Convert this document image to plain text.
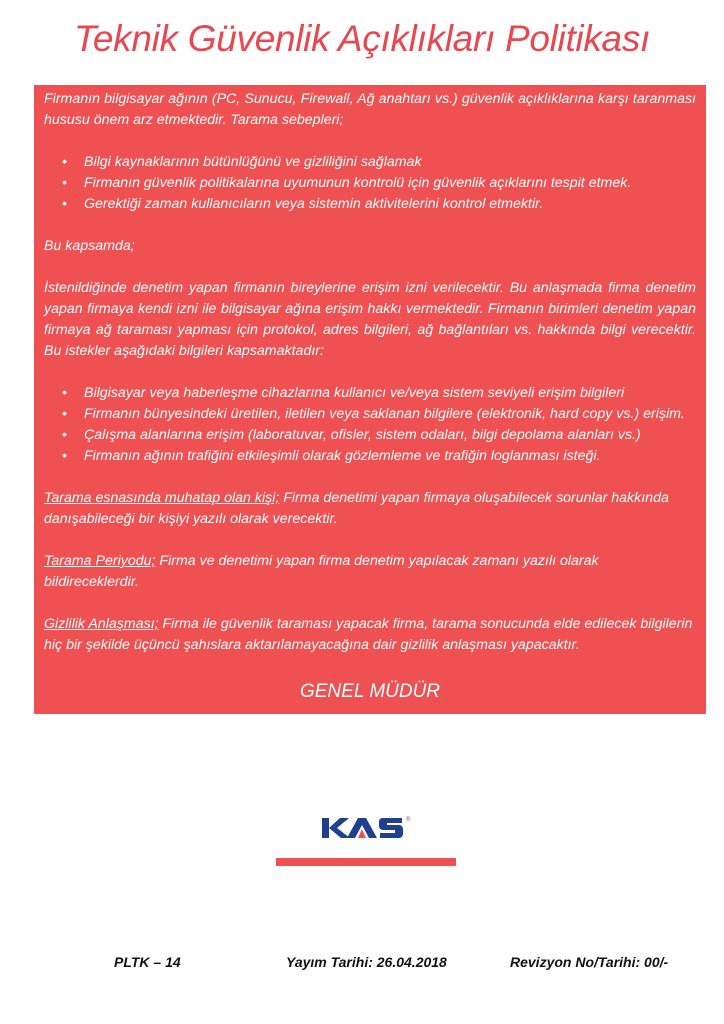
Teknik Güvenlik Açıklıkları Politikası

Firmanın bilgisayar ağının (PC, Sunucu, Firewall, Ağ anahtarı vs.) güvenlik açıklıklarına karşı taranması hususu önem arz etmektedir. Tarama sebepleri;

• Bilgi kaynaklarının bütünlüğünü ve gizliliğini sağlamak
• Firmanın güvenlik politikalarına uyumunun kontrolü için güvenlik açıklarını tespit etmek.
• Gerektiği zaman kullanıcıların veya sistemin aktivitelerini kontrol etmektir.

Bu kapsamda;

İstenildiğinde denetim yapan firmanın bireylerine erişim izni verilecektir. Bu anlaşmada firma denetim yapan firmaya kendi izni ile bilgisayar ağına erişim hakkı vermektedir. Firmanın birimleri denetim yapan firmaya ağ taraması yapması için protokol, adres bilgileri, ağ bağlantıları vs. hakkında bilgi verecektir. Bu istekler aşağıdaki bilgileri kapsamaktadır:

• Bilgisayar veya haberleşme cihazlarına kullanıcı ve/veya sistem seviyeli erişim bilgileri
• Firmanın bünyesindeki üretilen, iletilen veya saklanan bilgilere (elektronik, hard copy vs.) erişim.
• Çalışma alanlarına erişim (laboratuvar, ofisler, sistem odaları, bilgi depolama alanları vs.)
• Firmanın ağının trafiğini etkileşimli olarak gözlemleme ve trafiğin loglanması isteği.

Tarama esnasında muhatap olan kişi; Firma denetimi yapan firmaya oluşabilecek sorunlar hakkında danışabileceği bir kişiyi yazılı olarak verecektir.

Tarama Periyodu; Firma ve denetimi yapan firma denetim yapılacak zamanı yazılı olarak bildireceklerdir.

Gizlilik Anlaşması; Firma ile güvenlik taraması yapacak firma, tarama sonucunda elde edilecek bilgilerin hiç bir şekilde üçüncü şahıslara aktarılamayacağına dair gizlilik anlaşması yapacaktır.

GENEL MÜDÜR
®
PLTK – 14	Yayım Tarihi: 26.04.2018	Revizyon No/Tarihi: 00/-
